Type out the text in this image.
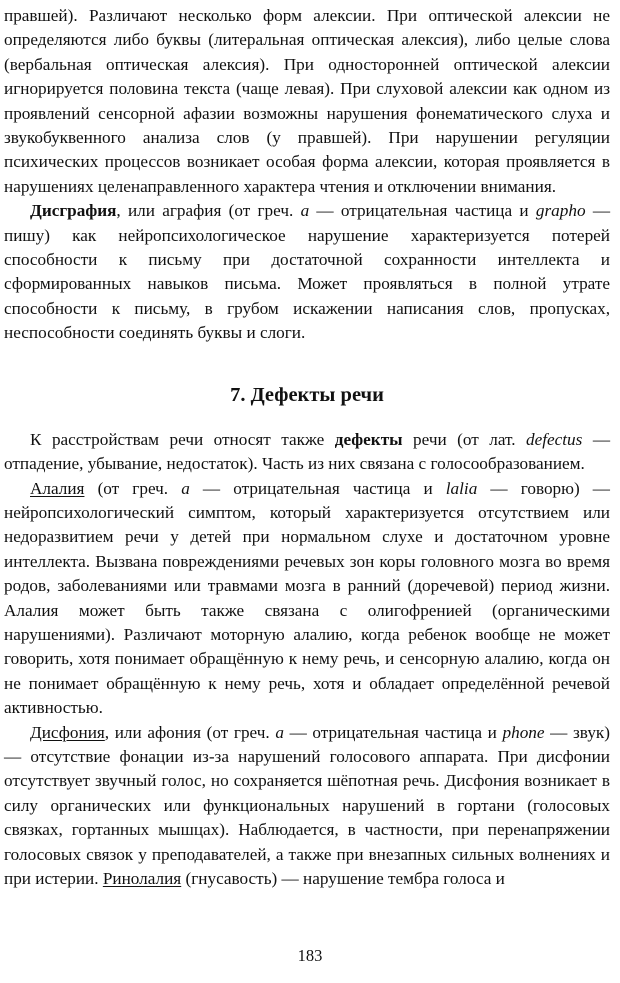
правшей). Различают несколько форм алексии. При оптической алексии не определяются либо буквы (литеральная оптическая алексия), либо целые слова (вербальная оптическая алексия). При односторонней оптической алексии игнорируется половина текста (чаще левая). При слуховой алексии как одном из проявлений сенсорной афазии возможны нарушения фонематического слуха и звукобуквенного анализа слов (у правшей). При нарушении регуляции психических процессов возникает особая форма алексии, которая проявляется в нарушениях целенаправленного характера чтения и отключении внимания.

Дисграфия, или аграфия (от греч. a — отрицательная частица и grapho — пишу) как нейропсихологическое нарушение характеризуется потерей способности к письму при достаточной сохранности интеллекта и сформированных навыков письма. Может проявляться в полной утрате способности к письму, в грубом искажении написания слов, пропусках, неспособности соединять буквы и слоги.

7. Дефекты речи

К расстройствам речи относят также дефекты речи (от лат. defectus — отпадение, убывание, недостаток). Часть из них связана с голосообразованием.

Алалия (от греч. a — отрицательная частица и lalia — говорю) — нейропсихологический симптом, который характеризуется отсутствием или недоразвитием речи у детей при нормальном слухе и достаточном уровне интеллекта. Вызвана повреждениями речевых зон коры головного мозга во время родов, заболеваниями или травмами мозга в ранний (доречевой) период жизни. Алалия может быть также связана с олигофренией (органическими нарушениями). Различают моторную алалию, когда ребенок вообще не может говорить, хотя понимает обращённую к нему речь, и сенсорную алалию, когда он не понимает обращённую к нему речь, хотя и обладает определённой речевой активностью.

Дисфония, или афония (от греч. a — отрицательная частица и phone — звук) — отсутствие фонации из-за нарушений голосового аппарата. При дисфонии отсутствует звучный голос, но сохраняется шёпотная речь. Дисфония возникает в силу органических или функциональных нарушений в гортани (голосовых связках, гортанных мышцах). Наблюдается, в частности, при перенапряжении голосовых связок у преподавателей, а также при внезапных сильных волнениях и при истерии. Ринолалия (гнусавость) — нарушение тембра голоса и

183
